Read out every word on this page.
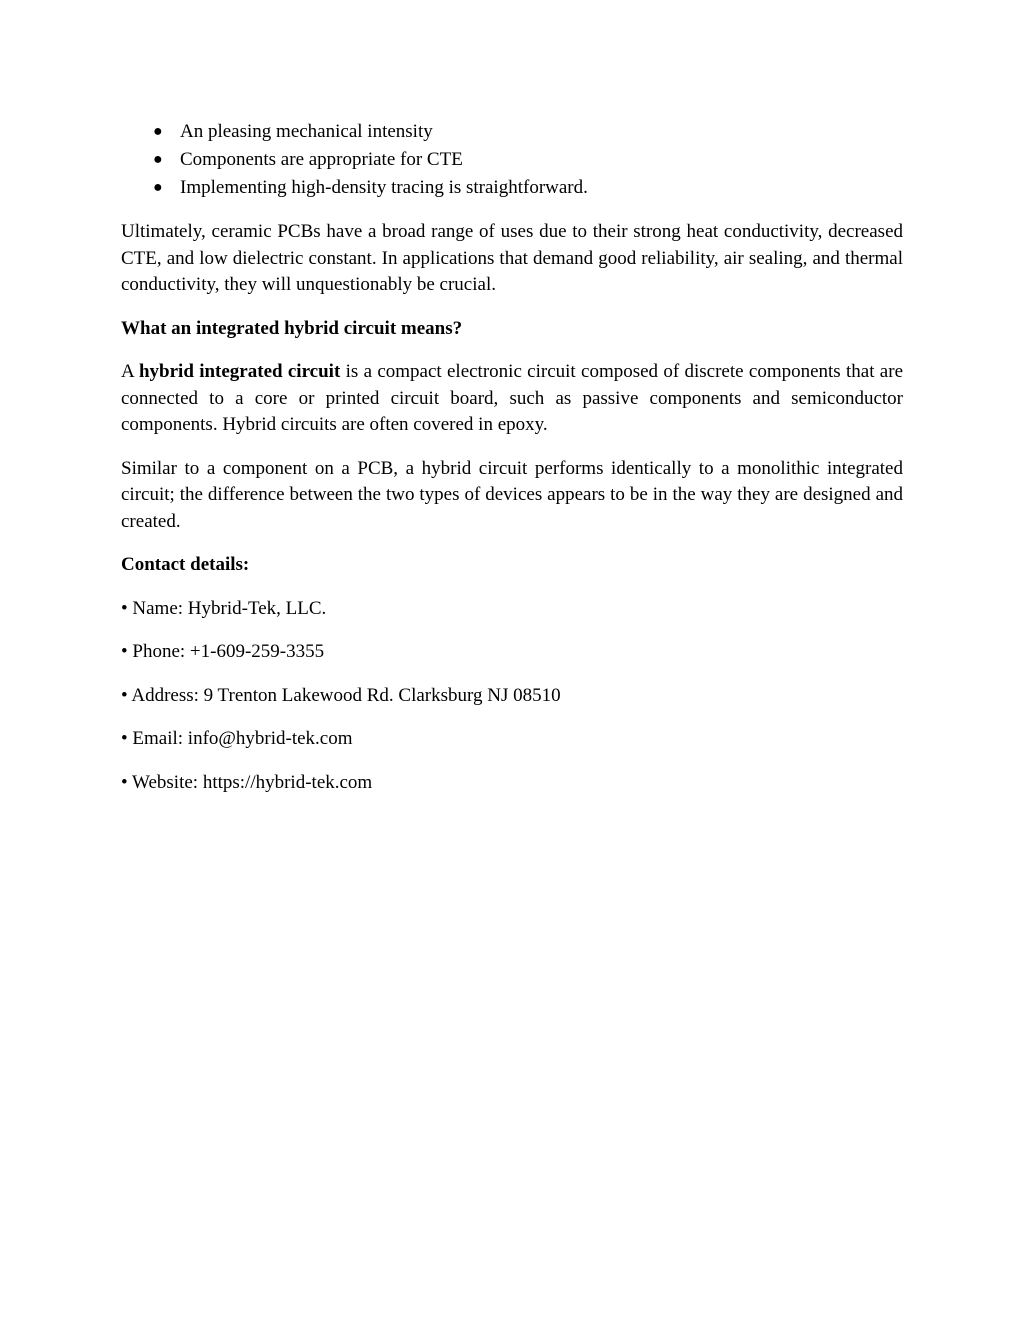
● An pleasing mechanical intensity
● Components are appropriate for CTE
● Implementing high-density tracing is straightforward.

Ultimately, ceramic PCBs have a broad range of uses due to their strong heat conductivity, decreased CTE, and low dielectric constant. In applications that demand good reliability, air sealing, and thermal conductivity, they will unquestionably be crucial.

What an integrated hybrid circuit means?

A hybrid integrated circuit is a compact electronic circuit composed of discrete components that are connected to a core or printed circuit board, such as passive components and semiconductor components. Hybrid circuits are often covered in epoxy.

Similar to a component on a PCB, a hybrid circuit performs identically to a monolithic integrated circuit; the difference between the two types of devices appears to be in the way they are designed and created.

Contact details:

• Name: Hybrid-Tek, LLC.

• Phone: +1-609-259-3355

• Address: 9 Trenton Lakewood Rd. Clarksburg NJ 08510

• Email: info@hybrid-tek.com

• Website: https://hybrid-tek.com
